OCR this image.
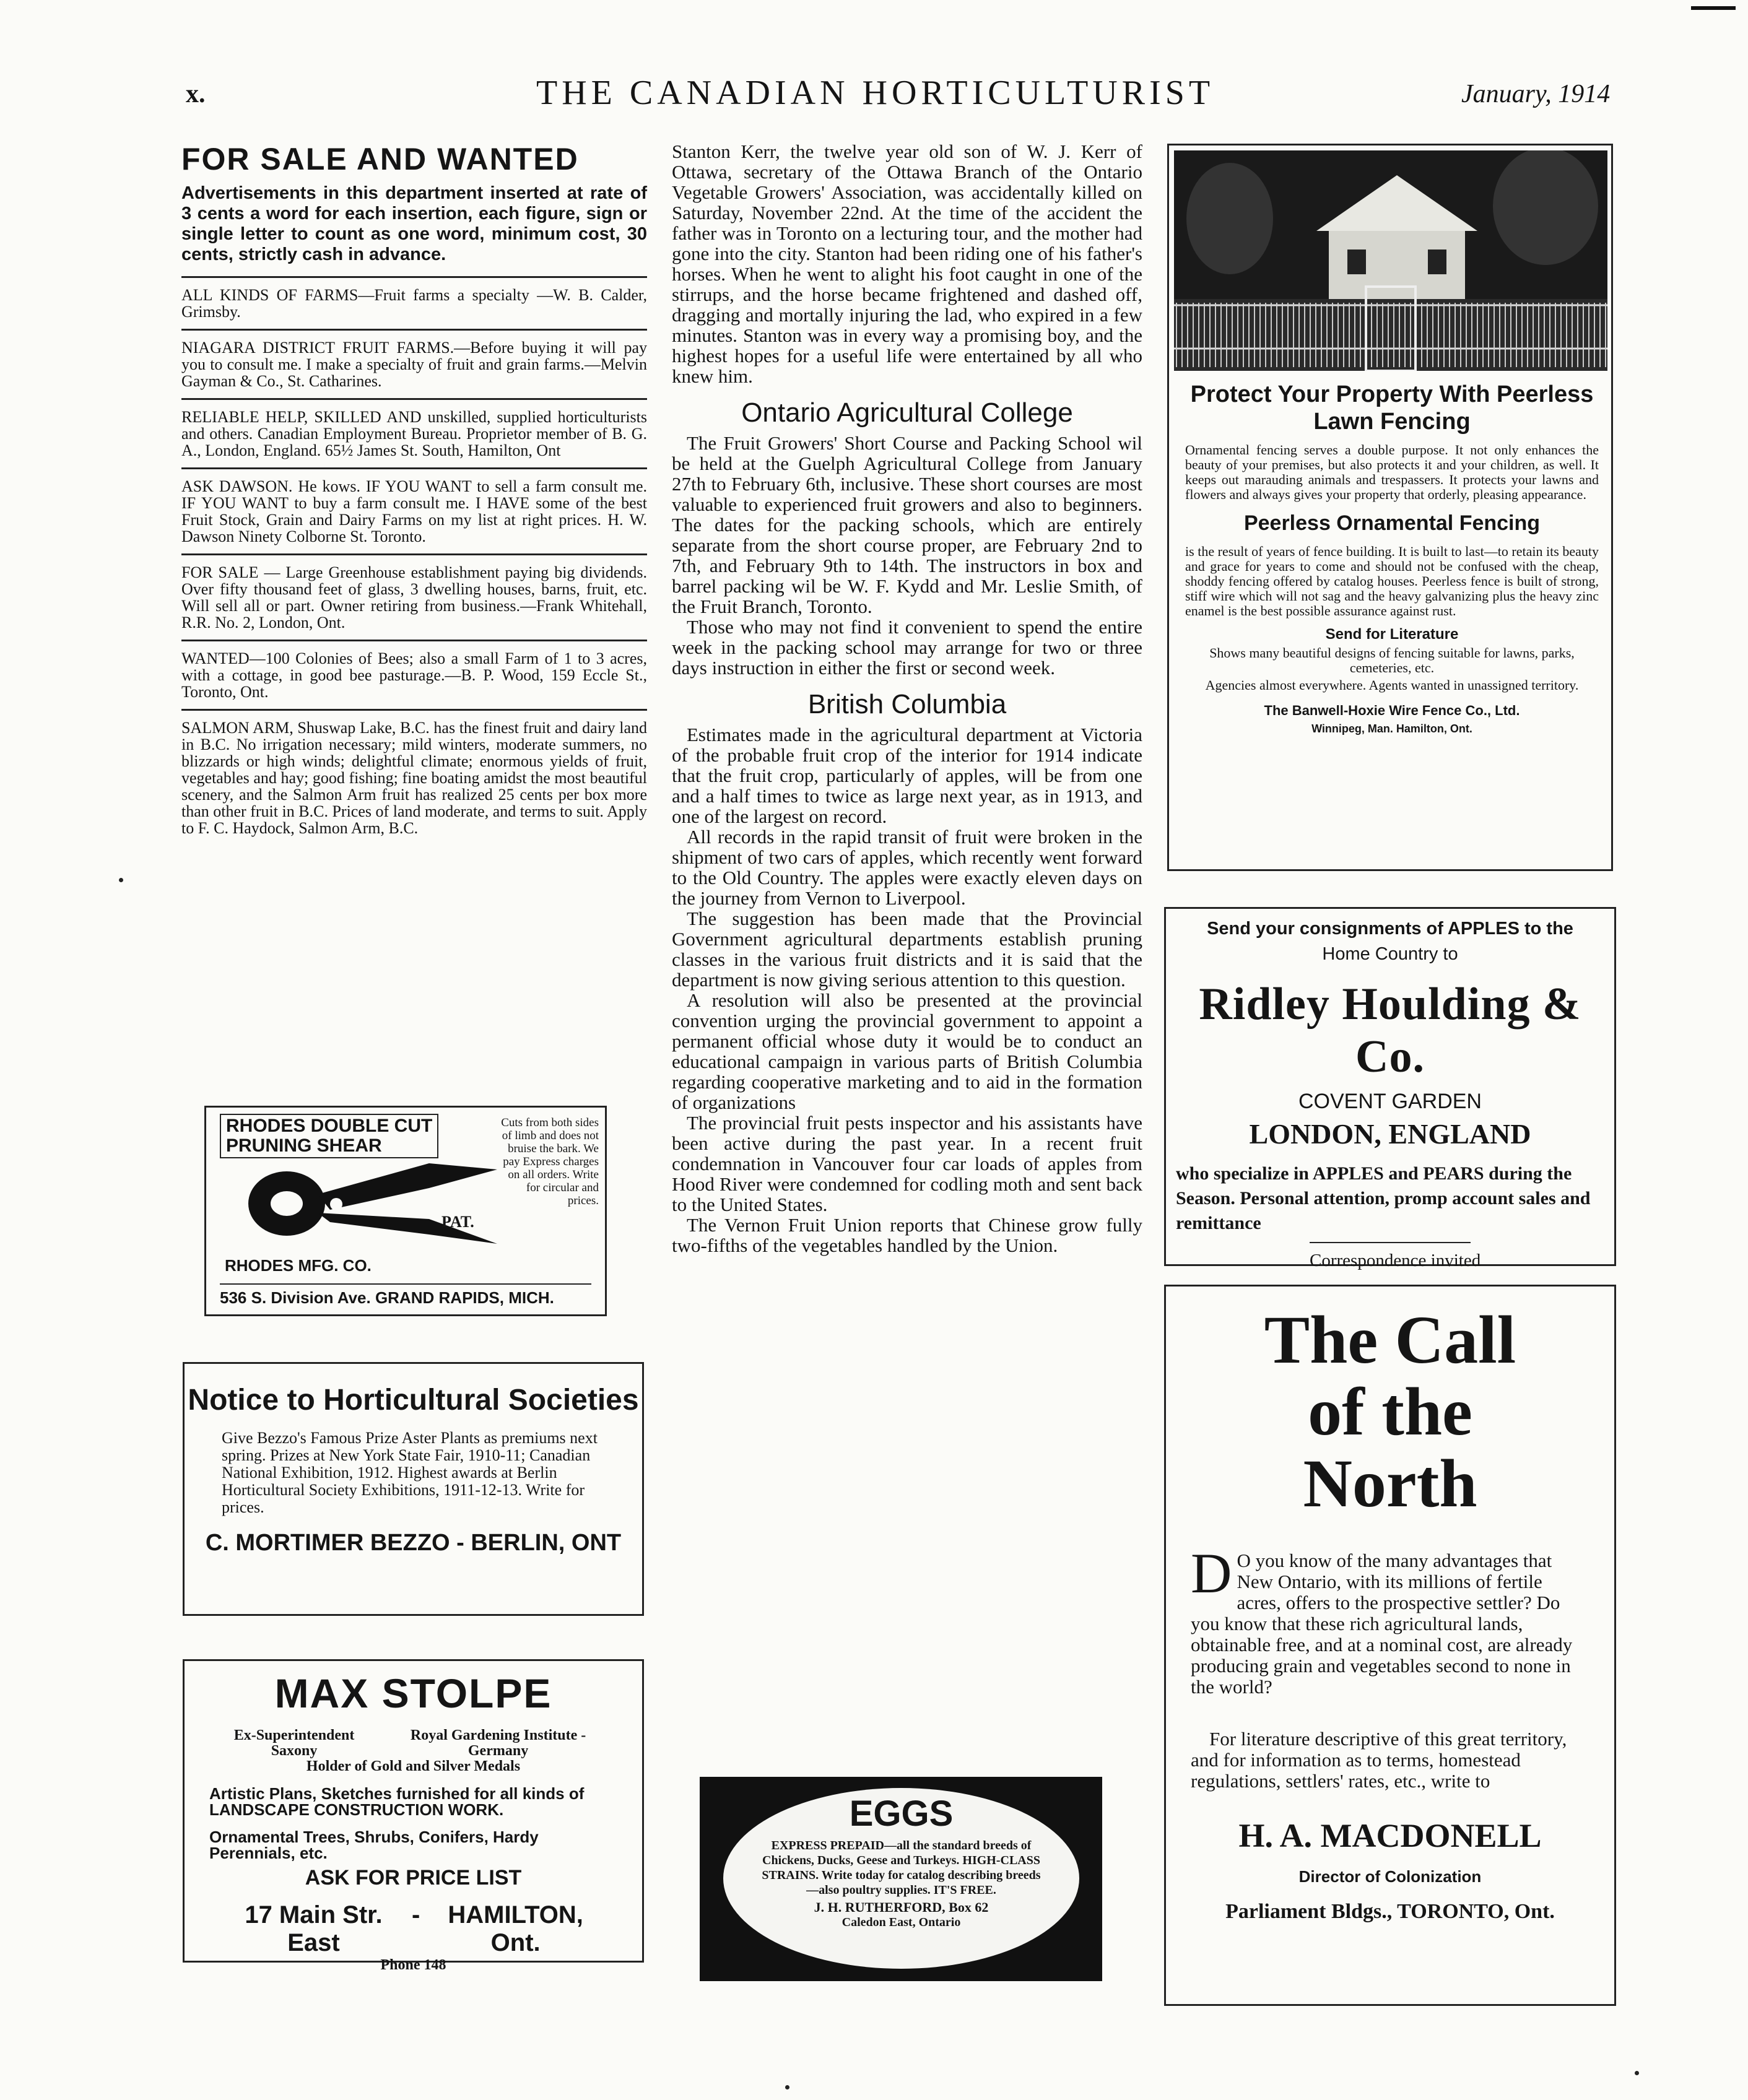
x.	THE CANADIAN HORTICULTURIST	January, 1914

FOR SALE AND WANTED

Advertisements in this department inserted at rate of 3 cents a word for each insertion, each figure, sign or single letter to count as one word, minimum cost, 30 cents, strictly cash in advance.

ALL KINDS OF FARMS—Fruit farms a specialty —W. B. Calder, Grimsby.

NIAGARA DISTRICT FRUIT FARMS.—Before buying it will pay you to consult me. I make a specialty of fruit and grain farms.—Melvin Gayman & Co., St. Catharines.

RELIABLE HELP, SKILLED AND unskilled, supplied horticulturists and others. Canadian Employment Bureau. Proprietor member of B. G. A., London, England. 65½ James St. South, Hamilton, Ont

ASK DAWSON. He kows. IF YOU WANT to sell a farm consult me. IF YOU WANT to buy a farm consult me. I HAVE some of the best Fruit Stock, Grain and Dairy Farms on my list at right prices. H. W. Dawson Ninety Colborne St. Toronto.

FOR SALE — Large Greenhouse establishment paying big dividends. Over fifty thousand feet of glass, 3 dwelling houses, barns, fruit, etc. Will sell all or part. Owner retiring from business.—Frank Whitehall, R.R. No. 2, London, Ont.

WANTED—100 Colonies of Bees; also a small Farm of 1 to 3 acres, with a cottage, in good bee pasturage.—B. P. Wood, 159 Eccle St., Toronto, Ont.

SALMON ARM, Shuswap Lake, B.C. has the finest fruit and dairy land in B.C. No irrigation necessary; mild winters, moderate summers, no blizzards or high winds; delightful climate; enormous yields of fruit, vegetables and hay; good fishing; fine boating amidst the most beautiful scenery, and the Salmon Arm fruit has realized 25 cents per box more than other fruit in B.C. Prices of land moderate, and terms to suit. Apply to F. C. Haydock, Salmon Arm, B.C.

RHODES DOUBLE CUT
PRUNING SHEAR
Cuts from both sides of limb and does not bruise the bark. We pay Express charges on all orders. Write for circular and prices.
PAT.
RHODES MFG. CO.
536 S. Division Ave. GRAND RAPIDS, MICH.
Notice to Horticultural Societies
Give Bezzo's Famous Prize Aster Plants as premiums next spring. Prizes at New York State Fair, 1910-11; Canadian National Exhibition, 1912. Highest awards at Berlin Horticultural Society Exhibitions, 1911-12-13. Write for prices.
C. MORTIMER BEZZO - BERLIN, ONT
MAX STOLPE
Ex-Superintendent Saxony
Royal Gardening Institute - Germany
Holder of Gold and Silver Medals
Artistic Plans, Sketches furnished for all kinds of LANDSCAPE CONSTRUCTION WORK.
Ornamental Trees, Shrubs, Conifers, Hardy Perennials, etc.
ASK FOR PRICE LIST
17 Main Str. East
-	HAMILTON, Ont.
Phone 148

Stanton Kerr, the twelve year old son of W. J. Kerr of Ottawa, secretary of the Ottawa Branch of the Ontario Vegetable Growers' Association, was accidentally killed on Saturday, November 22nd. At the time of the accident the father was in Toronto on a lecturing tour, and the mother had gone into the city. Stanton had been riding one of his father's horses. When he went to alight his foot caught in one of the stirrups, and the horse became frightened and dashed off, dragging and mortally injuring the lad, who expired in a few minutes. Stanton was in every way a promising boy, and the highest hopes for a useful life were entertained by all who knew him.

Ontario Agricultural College

The Fruit Growers' Short Course and Packing School wil be held at the Guelph Agricultural College from January 27th to February 6th, inclusive. These short courses are most valuable to experienced fruit growers and also to beginners. The dates for the packing schools, which are entirely separate from the short course proper, are February 2nd to 7th, and February 9th to 14th. The instructors in box and barrel packing wil be W. F. Kydd and Mr. Leslie Smith, of the Fruit Branch, Toronto.

Those who may not find it convenient to spend the entire week in the packing school may arrange for two or three days instruction in either the first or second week.

British Columbia

Estimates made in the agricultural department at Victoria of the probable fruit crop of the interior for 1914 indicate that the fruit crop, particularly of apples, will be from one and a half times to twice as large next year, as in 1913, and one of the largest on record.

All records in the rapid transit of fruit were broken in the shipment of two cars of apples, which recently went forward to the Old Country. The apples were exactly eleven days on the journey from Vernon to Liverpool.

The suggestion has been made that the Provincial Government agricultural departments establish pruning classes in the various fruit districts and it is said that the department is now giving serious attention to this question.

A resolution will also be presented at the provincial convention urging the provincial government to appoint a permanent official whose duty it would be to conduct an educational campaign in various parts of British Columbia regarding cooperative marketing and to aid in the formation of organizations

The provincial fruit pests inspector and his assistants have been active during the past year. In a recent fruit condemnation in Vancouver four car loads of apples from Hood River were condemned for codling moth and sent back to the United States.

The Vernon Fruit Union reports that Chinese grow fully two-fifths of the vegetables handled by the Union.

EGGS
EXPRESS PREPAID—all the standard breeds of Chickens, Ducks, Geese and Turkeys. HIGH-CLASS STRAINS. Write today for catalog describing breeds—also poultry supplies. IT'S FREE.
J. H. RUTHERFORD, Box 62
Caledon East, Ontario

Protect Your Property With Peerless Lawn Fencing

Ornamental fencing serves a double purpose. It not only enhances the beauty of your premises, but also protects it and your children, as well. It keeps out marauding animals and trespassers. It protects your lawns and flowers and always gives your property that orderly, pleasing appearance.

Peerless Ornamental Fencing

is the result of years of fence building. It is built to last—to retain its beauty and grace for years to come and should not be confused with the cheap, shoddy fencing offered by catalog houses. Peerless fence is built of strong, stiff wire which will not sag and the heavy galvanizing plus the heavy zinc enamel is the best possible assurance against rust.

Send for Literature

Shows many beautiful designs of fencing suitable for lawns, parks, cemeteries, etc.

Agencies almost everywhere. Agents wanted in unassigned territory.

The Banwell-Hoxie Wire Fence Co., Ltd.

Winnipeg, Man. Hamilton, Ont.

Send your consignments of APPLES to the
Home Country to
Ridley Houlding & Co.
COVENT GARDEN
LONDON, ENGLAND
who specialize in APPLES and PEARS during the Season. Personal attention, promp account sales and remittance
Correspondence invited
The Call
of the
North
D O you know of the many advantages that New Ontario, with its millions of fertile acres, offers to the prospective settler? Do you know that these rich agricultural lands, obtainable free, and at a nominal cost, are already producing grain and vegetables second to none in the world?
For literature descriptive of this great territory, and for information as to terms, homestead regulations, settlers' rates, etc., write to
H. A. MACDONELL
Director of Colonization
Parliament Bldgs., TORONTO, Ont.
